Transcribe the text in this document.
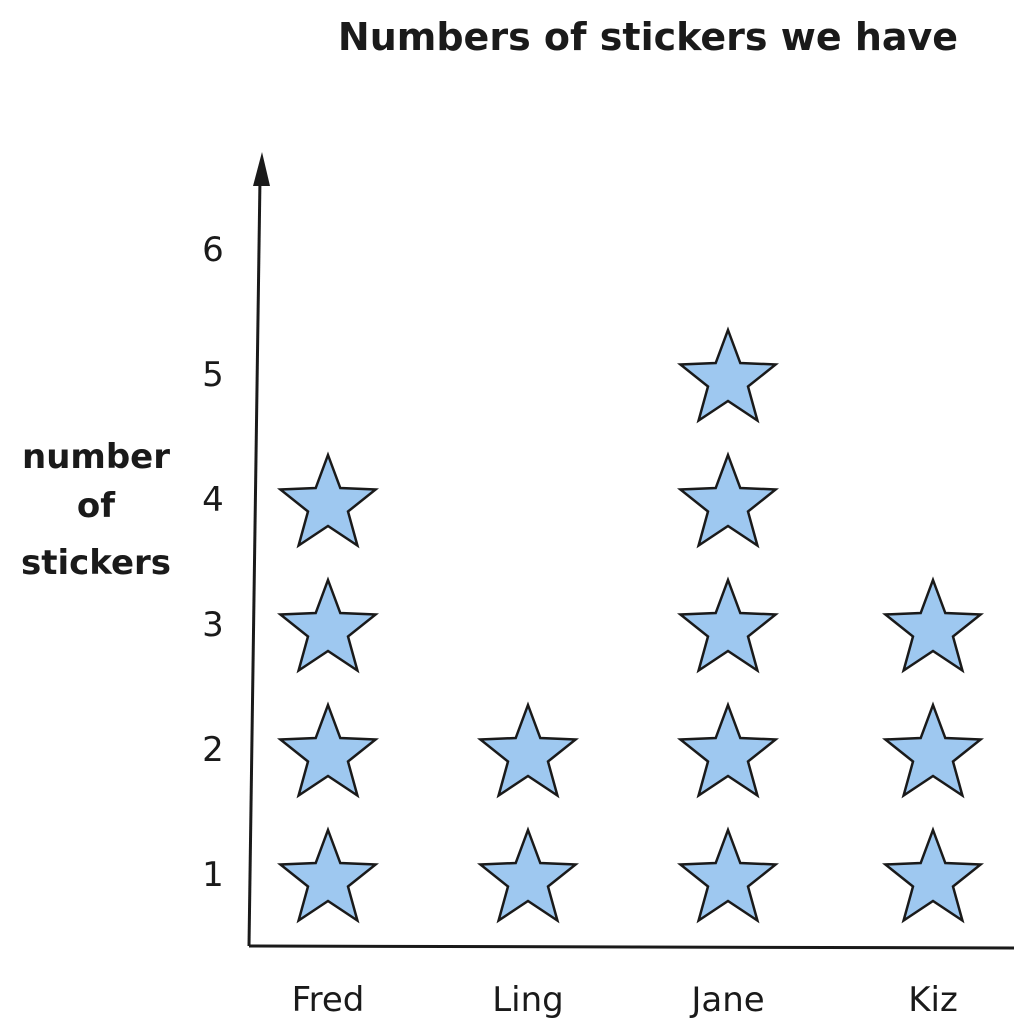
Numbers of stickers we have
number
of
stickers
1
2
3
4
5
6
Fred	Ling	Jane	Kiz
